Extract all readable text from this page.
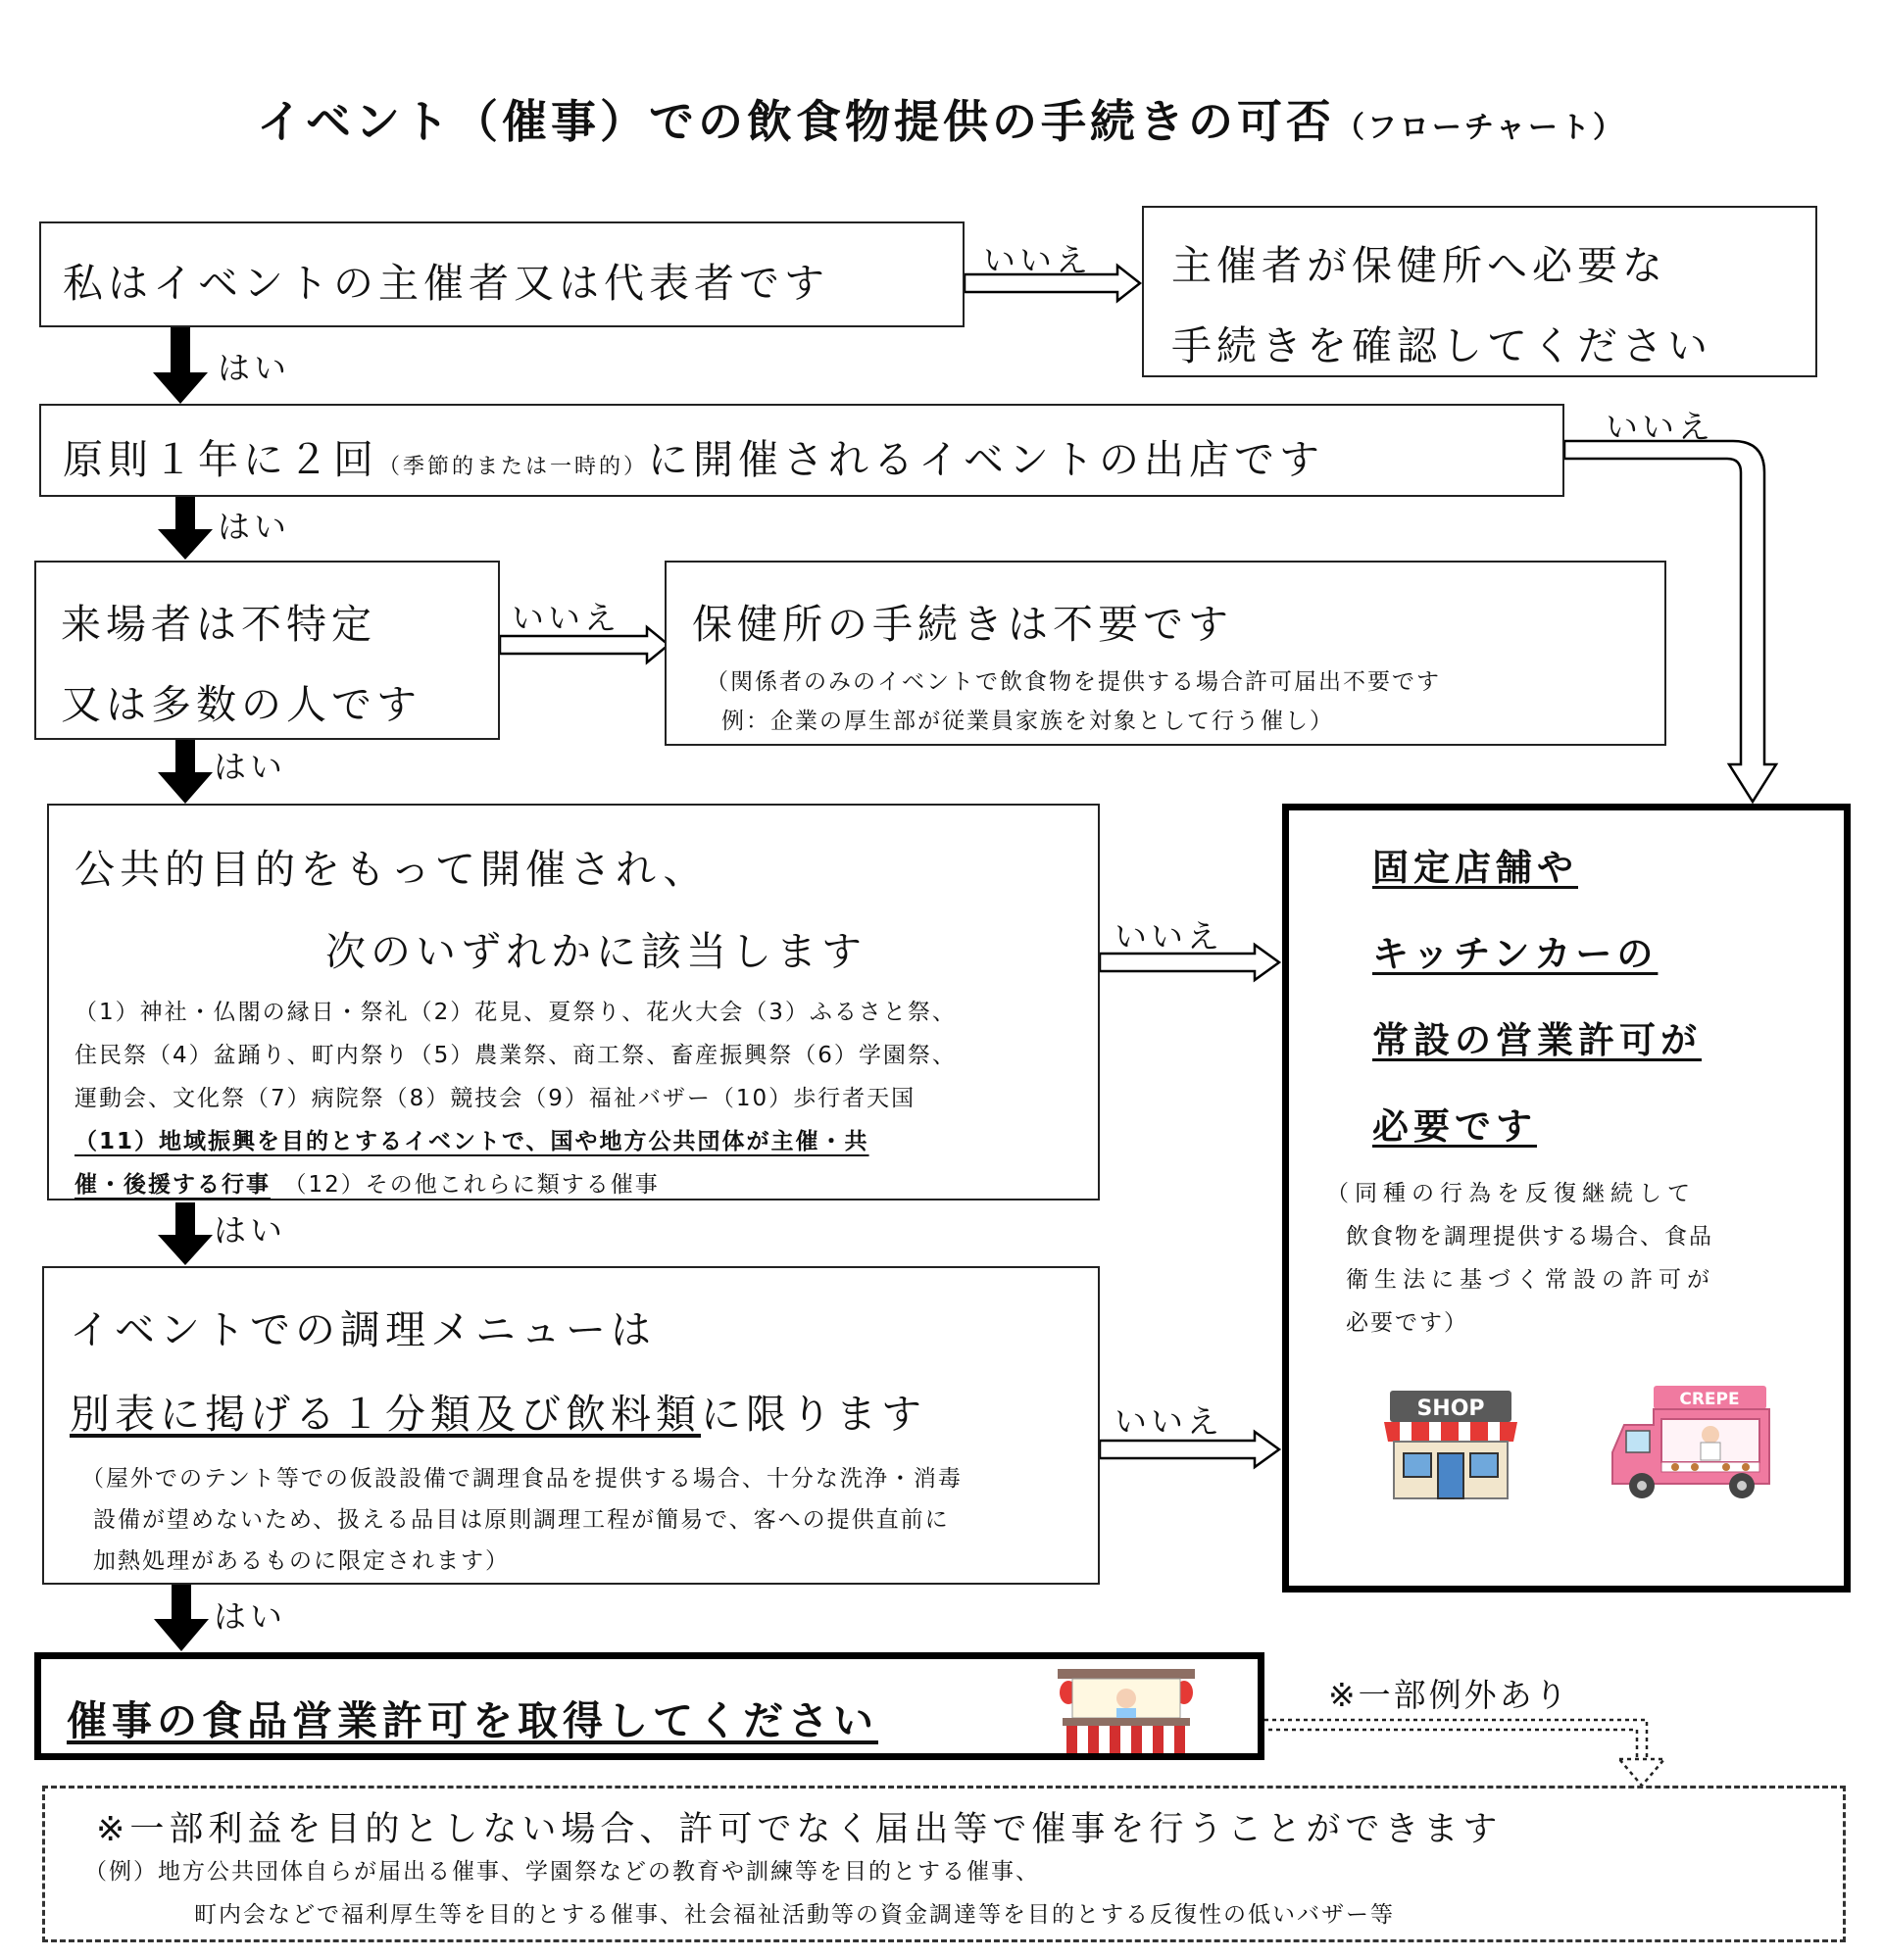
イベント（催事）での飲食物提供の手続きの可否（フローチャート）
はい
はい
はい
はい
はい
いいえ
いいえ
いいえ
いいえ
いいえ
私はイベントの主催者又は代表者です	主催者が保健所へ必要な
手続きを確認してください
原則１年に２回（季節的または一時的）に開催されるイベントの出店です
来場者は不特定
又は多数の人です
保健所の手続きは不要です
（関係者のみのイベントで飲食物を提供する場合許可届出不要です
例：企業の厚生部が従業員家族を対象として行う催し）
公共的目的をもって開催され、
次のいずれかに該当します
（1）神社・仏閣の縁日・祭礼（2）花見、夏祭り、花火大会（3）ふるさと祭、
住民祭（4）盆踊り、町内祭り（5）農業祭、商工祭、畜産振興祭（6）学園祭、
運動会、文化祭（7）病院祭（8）競技会（9）福祉バザー（10）歩行者天国
（11）地域振興を目的とするイベントで、国や地方公共団体が主催・共
催・後援する行事　 （12）その他これらに類する催事
イベントでの調理メニューは
別表に掲げる１分類及び飲料類に限ります
（屋外でのテント等での仮設設備で調理食品を提供する場合、十分な洗浄・消毒
設備が望めないため、扱える品目は原則調理工程が簡易で、客への提供直前に
加熱処理があるものに限定されます）
固定店舗や
キッチンカーの
常設の営業許可が
必要です
（同種の行為を反復継続して
飲食物を調理提供する場合、食品
衛生法に基づく常設の許可が
必要です）
SHOP	CREPE
催事の食品営業許可を取得してください
※一部例外あり
※一部利益を目的としない場合、許可でなく届出等で催事を行うことができます
（例）地方公共団体自らが届出る催事、学園祭などの教育や訓練等を目的とする催事、
町内会などで福利厚生等を目的とする催事、社会福祉活動等の資金調達等を目的とする反復性の低いバザー等
